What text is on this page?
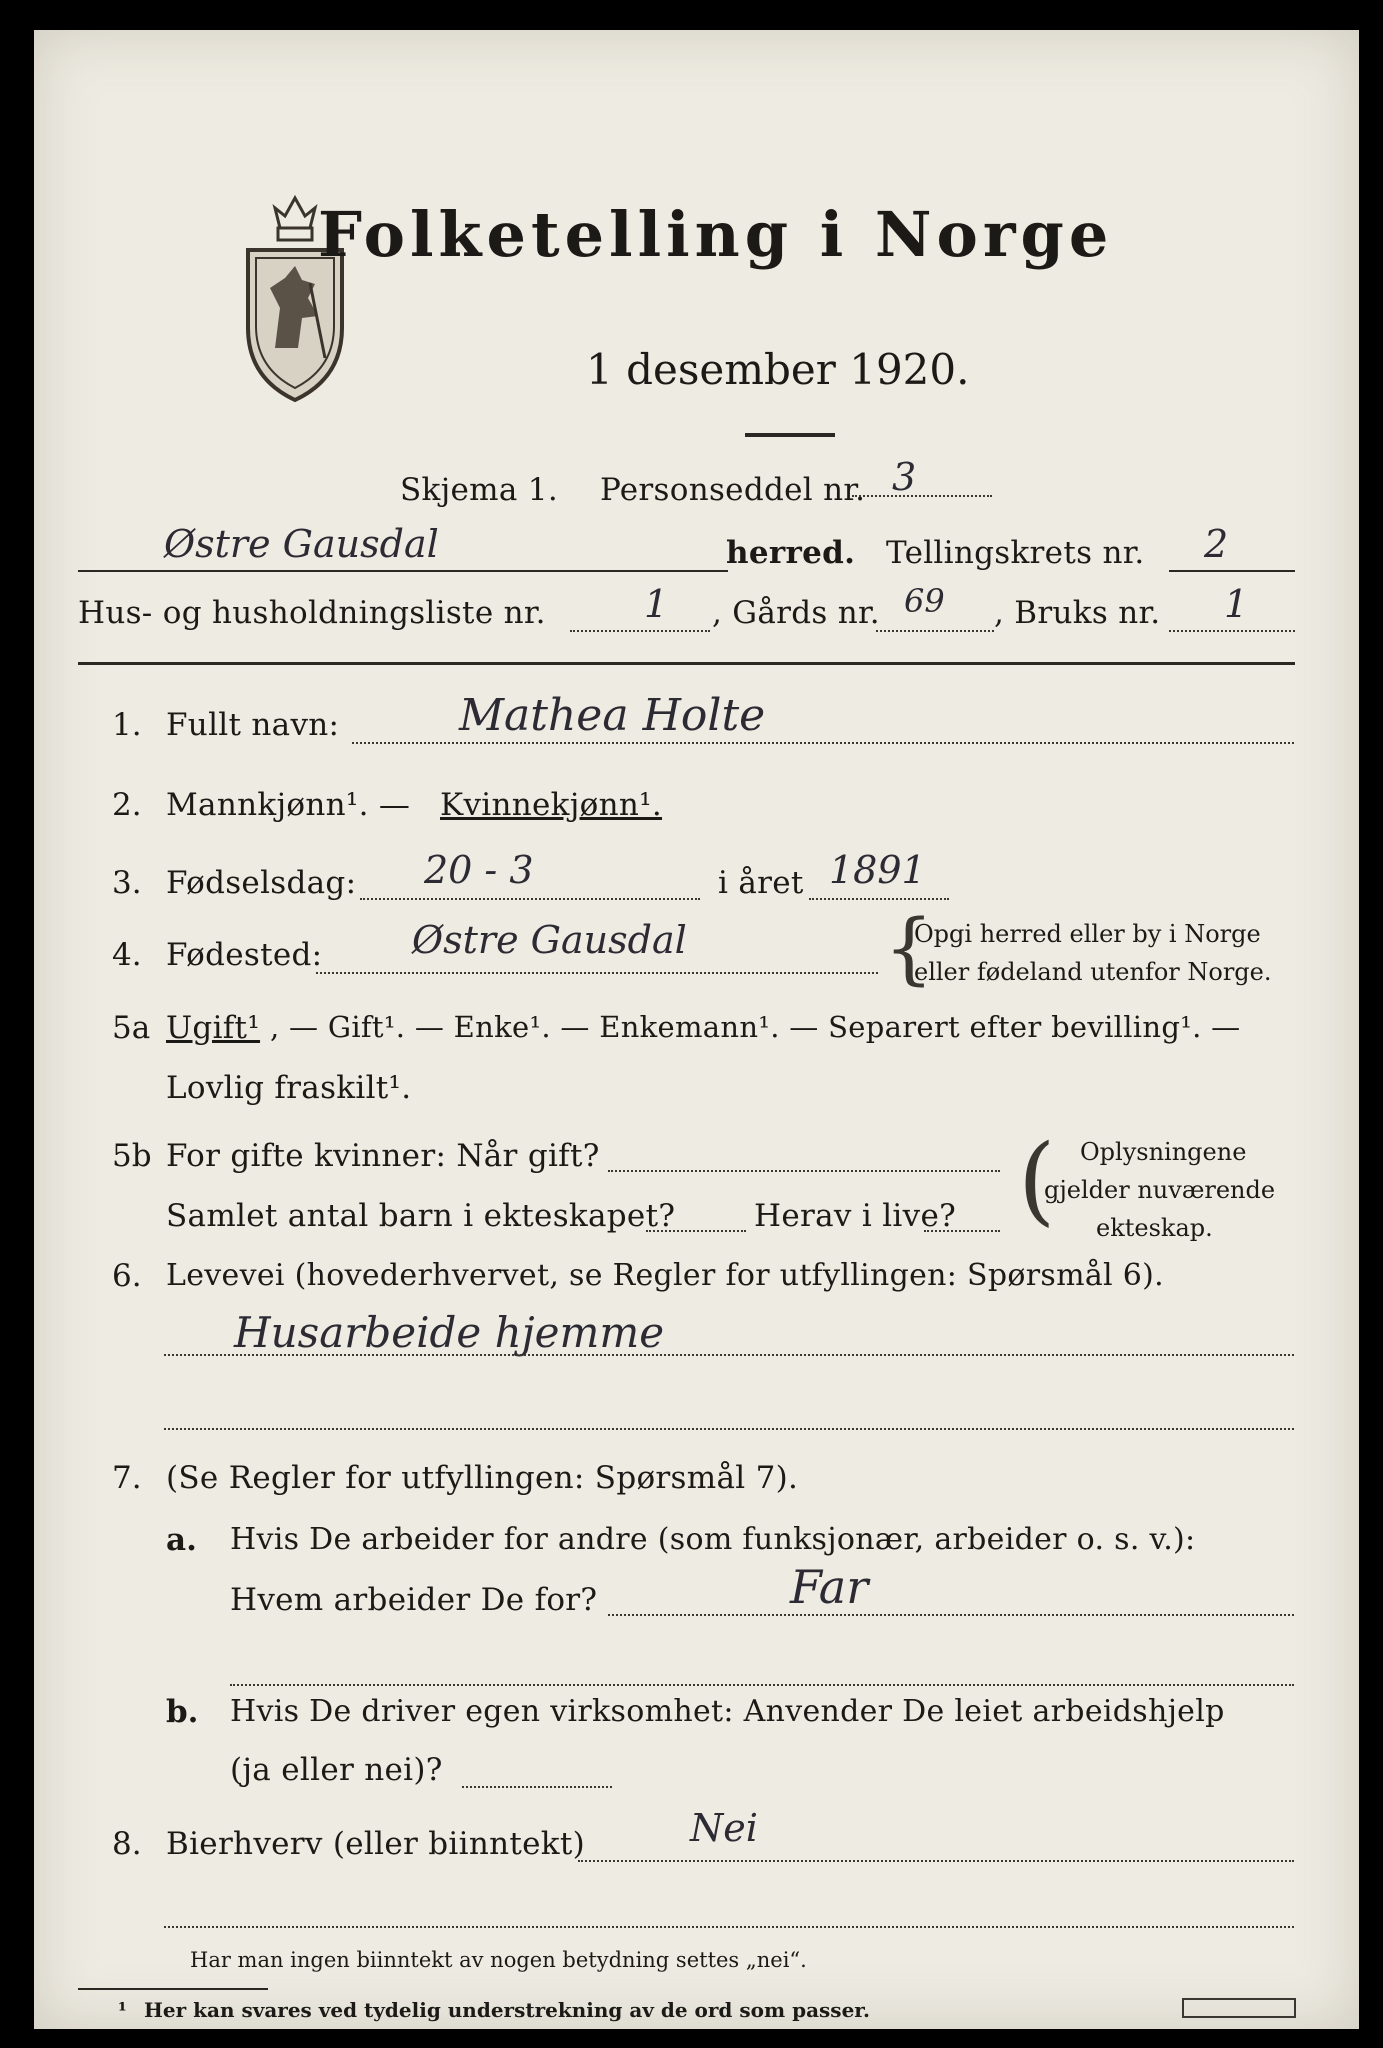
Folketelling i Norge
1 desember 1920.
Skjema 1. Personseddel nr. 3
Østre Gausdal	herred. Tellingskrets nr. 2
Hus- og husholdningsliste nr.	1 , Gårds nr. 69 , Bruks nr. 1
1. Fullt navn:	Mathea Holte
2. Mannkjønn¹. — Kvinnekjønn¹.
3. Fødselsdag: 20 - 3	i året 1891
4. Fødested: Østre Gausdal	{
Opgi herred eller by i Norge
eller fødeland utenfor Norge.
5a Ugift¹ , — Gift¹. — Enke¹. — Enkemann¹. — Separert efter bevilling¹. —
Lovlig fraskilt¹.
5b For gifte kvinner: Når gift?
Samlet antal barn i ekteskapet?	Herav i live? ( Oplysningene
gjelder nuværende
ekteskap.
6. Levevei (hovederhvervet, se Regler for utfyllingen: Spørsmål 6).
Husarbeide hjemme
7. (Se Regler for utfyllingen: Spørsmål 7).
a. Hvis De arbeider for andre (som funksjonær, arbeider o. s. v.):
Hvem arbeider De for?	Far
b. Hvis De driver egen virksomhet: Anvender De leiet arbeidshjelp
(ja eller nei)?
8. Bierhverv (eller biinntekt)	Nei
Har man ingen biinntekt av nogen betydning settes „nei“.
¹ Her kan svares ved tydelig understrekning av de ord som passer.
